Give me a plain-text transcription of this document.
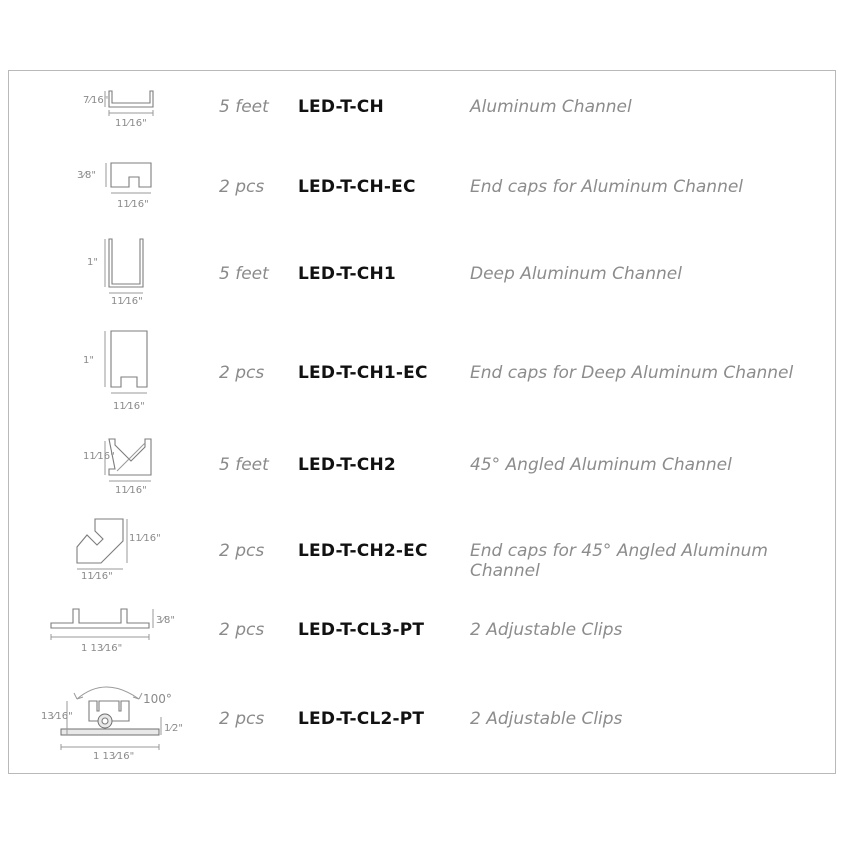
7⁄16"
11⁄16"
5 feet LED-T-CH	Aluminum Channel
3⁄8"
11⁄16"
2 pcs LED-T-CH-EC	End caps for Aluminum Channel
1"
11⁄16"
5 feet LED-T-CH1	Deep Aluminum Channel
1"
11⁄16"
2 pcs LED-T-CH1-EC End caps for Deep Aluminum Channel
11⁄16"
11⁄16"
5 feet LED-T-CH2	45° Angled Aluminum Channel
11⁄16"
11⁄16"
2 pcs LED-T-CH2-EC End caps for 45° Angled Aluminum Channel
3⁄8"
1 13⁄16"
2 pcs LED-T-CL3-PT	2 Adjustable Clips
13⁄16"
1⁄2"
1 13⁄16"
100°
2 pcs LED-T-CL2-PT	2 Adjustable Clips
